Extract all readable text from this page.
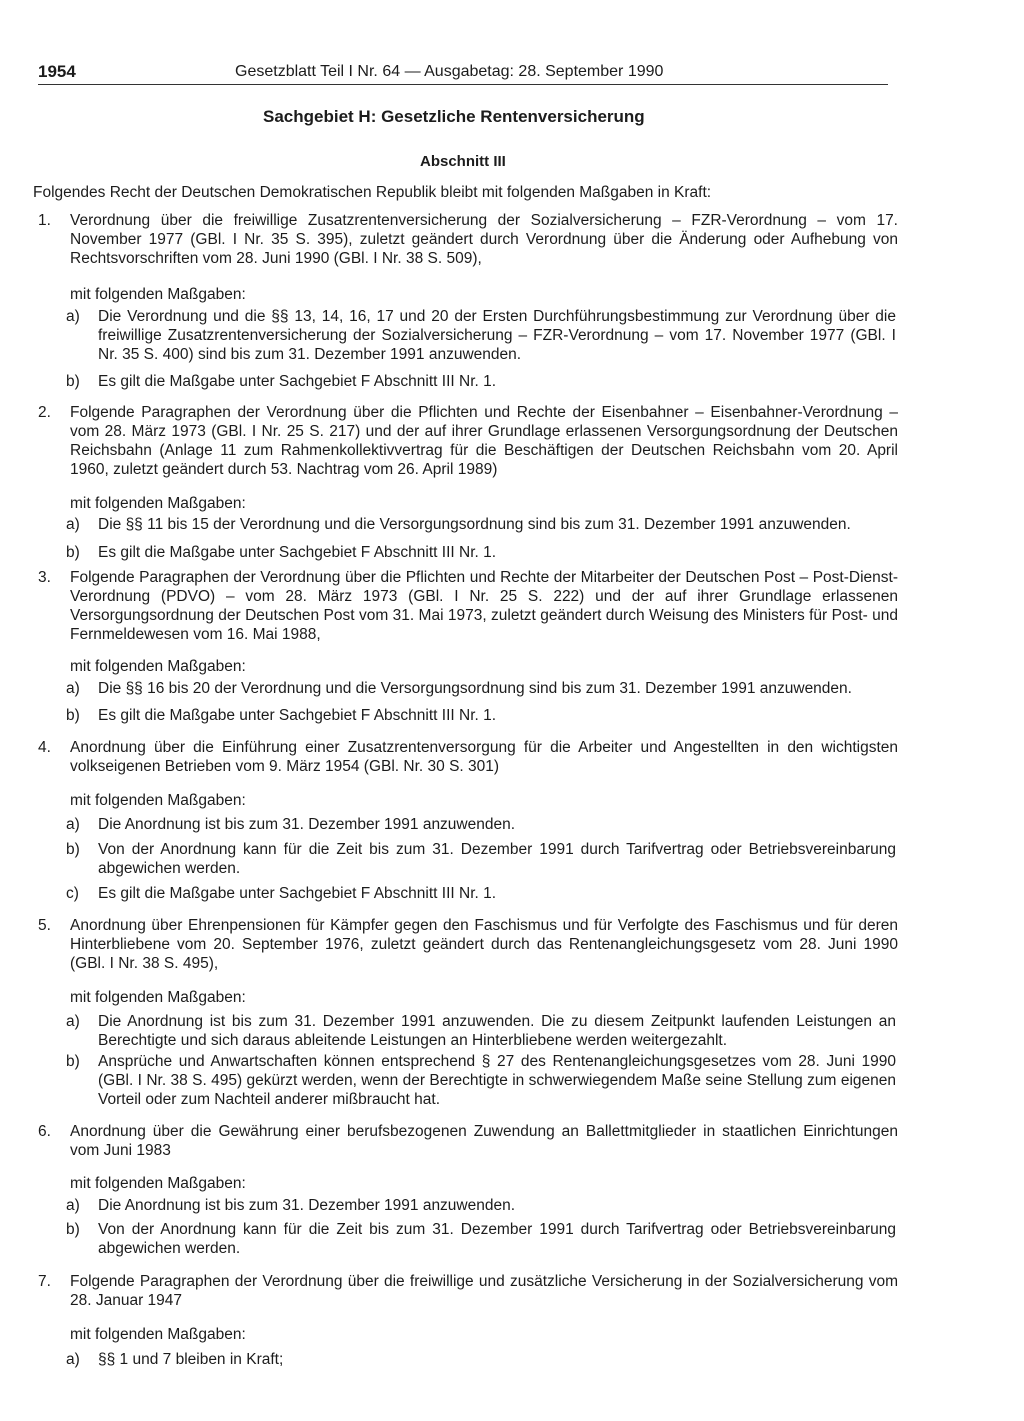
1954	Gesetzblatt Teil I Nr. 64 — Ausgabetag: 28. September 1990
Sachgebiet H: Gesetzliche Rentenversicherung
Abschnitt III
Folgendes Recht der Deutschen Demokratischen Republik bleibt mit folgenden Maßgaben in Kraft:
1. Verordnung über die freiwillige Zusatzrentenversicherung der Sozialversicherung – FZR-Verordnung – vom 17. November 1977 (GBl. I Nr. 35 S. 395), zuletzt geändert durch Verordnung über die Änderung oder Aufhebung von Rechtsvorschriften vom 28. Juni 1990 (GBl. I Nr. 38 S. 509),
mit folgenden Maßgaben:
a) Die Verordnung und die §§ 13, 14, 16, 17 und 20 der Ersten Durchführungsbestimmung zur Verordnung über die freiwillige Zusatzrentenversicherung der Sozialversicherung – FZR-Verordnung – vom 17. November 1977 (GBl. I Nr. 35 S. 400) sind bis zum 31. Dezember 1991 anzuwenden.
b) Es gilt die Maßgabe unter Sachgebiet F Abschnitt III Nr. 1.
2. Folgende Paragraphen der Verordnung über die Pflichten und Rechte der Eisenbahner – Eisenbahner-Verordnung – vom 28. März 1973 (GBl. I Nr. 25 S. 217) und der auf ihrer Grundlage erlassenen Versorgungsordnung der Deutschen Reichsbahn (Anlage 11 zum Rahmenkollektivvertrag für die Beschäftigen der Deutschen Reichsbahn vom 20. April 1960, zuletzt geändert durch 53. Nachtrag vom 26. April 1989)
mit folgenden Maßgaben:
a) Die §§ 11 bis 15 der Verordnung und die Versorgungsordnung sind bis zum 31. Dezember 1991 anzuwenden.
b) Es gilt die Maßgabe unter Sachgebiet F Abschnitt III Nr. 1.
3. Folgende Paragraphen der Verordnung über die Pflichten und Rechte der Mitarbeiter der Deutschen Post – Post-Dienst-Verordnung (PDVO) – vom 28. März 1973 (GBl. I Nr. 25 S. 222) und der auf ihrer Grundlage erlassenen Versorgungsordnung der Deutschen Post vom 31. Mai 1973, zuletzt geändert durch Weisung des Ministers für Post- und Fernmeldewesen vom 16. Mai 1988,
mit folgenden Maßgaben:
a) Die §§ 16 bis 20 der Verordnung und die Versorgungsordnung sind bis zum 31. Dezember 1991 anzuwenden.
b) Es gilt die Maßgabe unter Sachgebiet F Abschnitt III Nr. 1.
4. Anordnung über die Einführung einer Zusatzrentenversorgung für die Arbeiter und Angestellten in den wichtigsten volkseigenen Betrieben vom 9. März 1954 (GBl. Nr. 30 S. 301)
mit folgenden Maßgaben:
a) Die Anordnung ist bis zum 31. Dezember 1991 anzuwenden.
b) Von der Anordnung kann für die Zeit bis zum 31. Dezember 1991 durch Tarifvertrag oder Betriebsvereinbarung abgewichen werden.
c) Es gilt die Maßgabe unter Sachgebiet F Abschnitt III Nr. 1.
5. Anordnung über Ehrenpensionen für Kämpfer gegen den Faschismus und für Verfolgte des Faschismus und für deren Hinterbliebene vom 20. September 1976, zuletzt geändert durch das Rentenangleichungsgesetz vom 28. Juni 1990 (GBl. I Nr. 38 S. 495),
mit folgenden Maßgaben:
a) Die Anordnung ist bis zum 31. Dezember 1991 anzuwenden. Die zu diesem Zeitpunkt laufenden Leistungen an Berechtigte und sich daraus ableitende Leistungen an Hinterbliebene werden weitergezahlt.
b) Ansprüche und Anwartschaften können entsprechend § 27 des Rentenangleichungsgesetzes vom 28. Juni 1990 (GBl. I Nr. 38 S. 495) gekürzt werden, wenn der Berechtigte in schwerwiegendem Maße seine Stellung zum eigenen Vorteil oder zum Nachteil anderer mißbraucht hat.
6. Anordnung über die Gewährung einer berufsbezogenen Zuwendung an Ballettmitglieder in staatlichen Einrichtungen vom Juni 1983
mit folgenden Maßgaben:
a) Die Anordnung ist bis zum 31. Dezember 1991 anzuwenden.
b) Von der Anordnung kann für die Zeit bis zum 31. Dezember 1991 durch Tarifvertrag oder Betriebsvereinbarung abgewichen werden.
7. Folgende Paragraphen der Verordnung über die freiwillige und zusätzliche Versicherung in der Sozialversicherung vom 28. Januar 1947
mit folgenden Maßgaben:
a) §§ 1 und 7 bleiben in Kraft;
